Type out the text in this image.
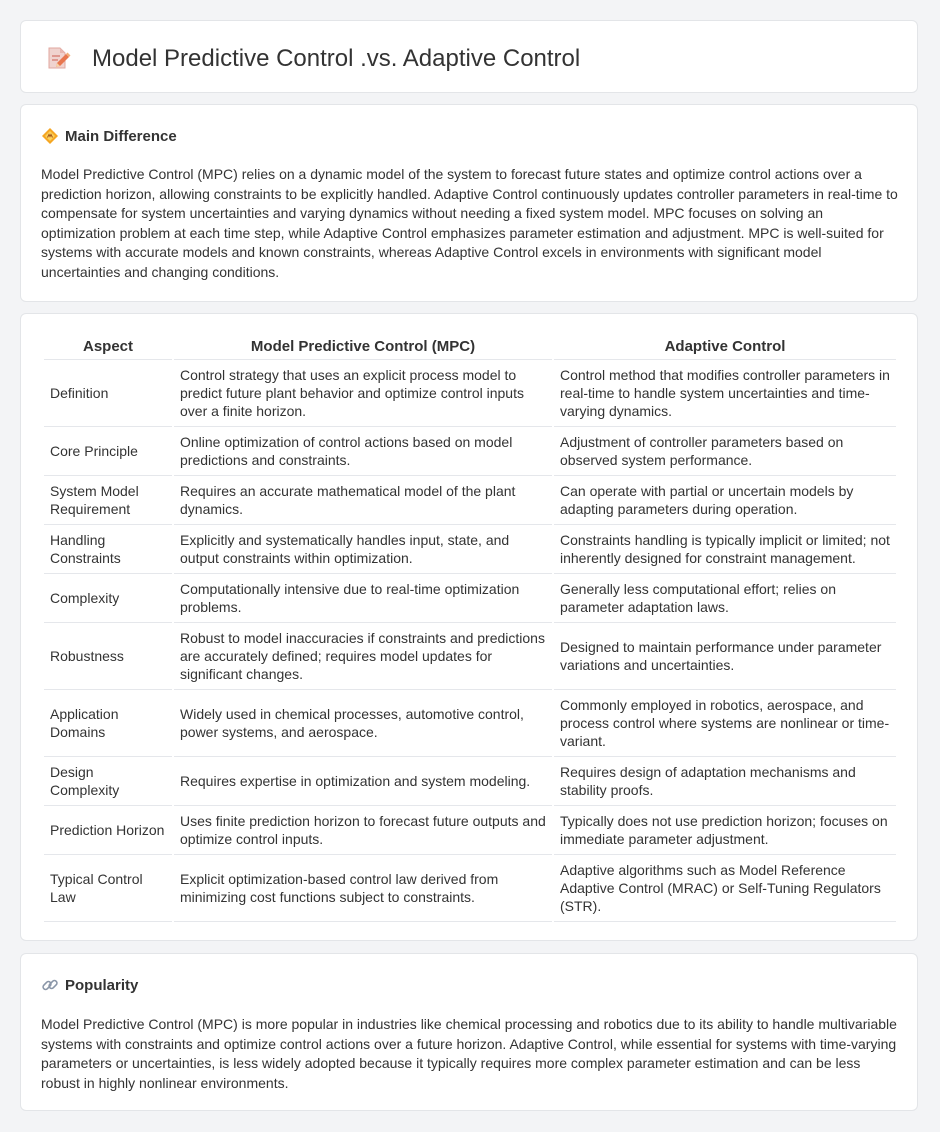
Model Predictive Control .vs. Adaptive Control
Main Difference

Model Predictive Control (MPC) relies on a dynamic model of the system to forecast future states and optimize control actions over a prediction horizon, allowing constraints to be explicitly handled. Adaptive Control continuously updates controller parameters in real-time to compensate for system uncertainties and varying dynamics without needing a fixed system model. MPC focuses on solving an optimization problem at each time step, while Adaptive Control emphasizes parameter estimation and adjustment. MPC is well-suited for systems with accurate models and known constraints, whereas Adaptive Control excels in environments with significant model uncertainties and changing conditions.

Aspect	Model Predictive Control (MPC)	Adaptive Control
Definition	Control strategy that uses an explicit process model to predict future plant behavior and optimize control inputs over a finite horizon.	Control method that modifies controller parameters in real-time to handle system uncertainties and time-varying dynamics.
Core Principle	Online optimization of control actions based on model predictions and constraints.	Adjustment of controller parameters based on observed system performance.
System Model Requirement	Requires an accurate mathematical model of the plant dynamics.	Can operate with partial or uncertain models by adapting parameters during operation.
Handling Constraints	Explicitly and systematically handles input, state, and output constraints within optimization.	Constraints handling is typically implicit or limited; not inherently designed for constraint management.
Complexity	Computationally intensive due to real-time optimization problems.	Generally less computational effort; relies on parameter adaptation laws.
Robustness	Robust to model inaccuracies if constraints and predictions are accurately defined; requires model updates for significant changes.	Designed to maintain performance under parameter variations and uncertainties.
Application Domains	Widely used in chemical processes, automotive control, power systems, and aerospace.	Commonly employed in robotics, aerospace, and process control where systems are nonlinear or time-variant.
Design Complexity	Requires expertise in optimization and system modeling.	Requires design of adaptation mechanisms and stability proofs.
Prediction Horizon	Uses finite prediction horizon to forecast future outputs and optimize control inputs.	Typically does not use prediction horizon; focuses on immediate parameter adjustment.
Typical Control Law	Explicit optimization-based control law derived from minimizing cost functions subject to constraints.	Adaptive algorithms such as Model Reference Adaptive Control (MRAC) or Self-Tuning Regulators (STR).
Popularity

Model Predictive Control (MPC) is more popular in industries like chemical processing and robotics due to its ability to handle multivariable systems with constraints and optimize control actions over a future horizon. Adaptive Control, while essential for systems with time-varying parameters or uncertainties, is less widely adopted because it typically requires more complex parameter estimation and can be less robust in highly nonlinear environments.
